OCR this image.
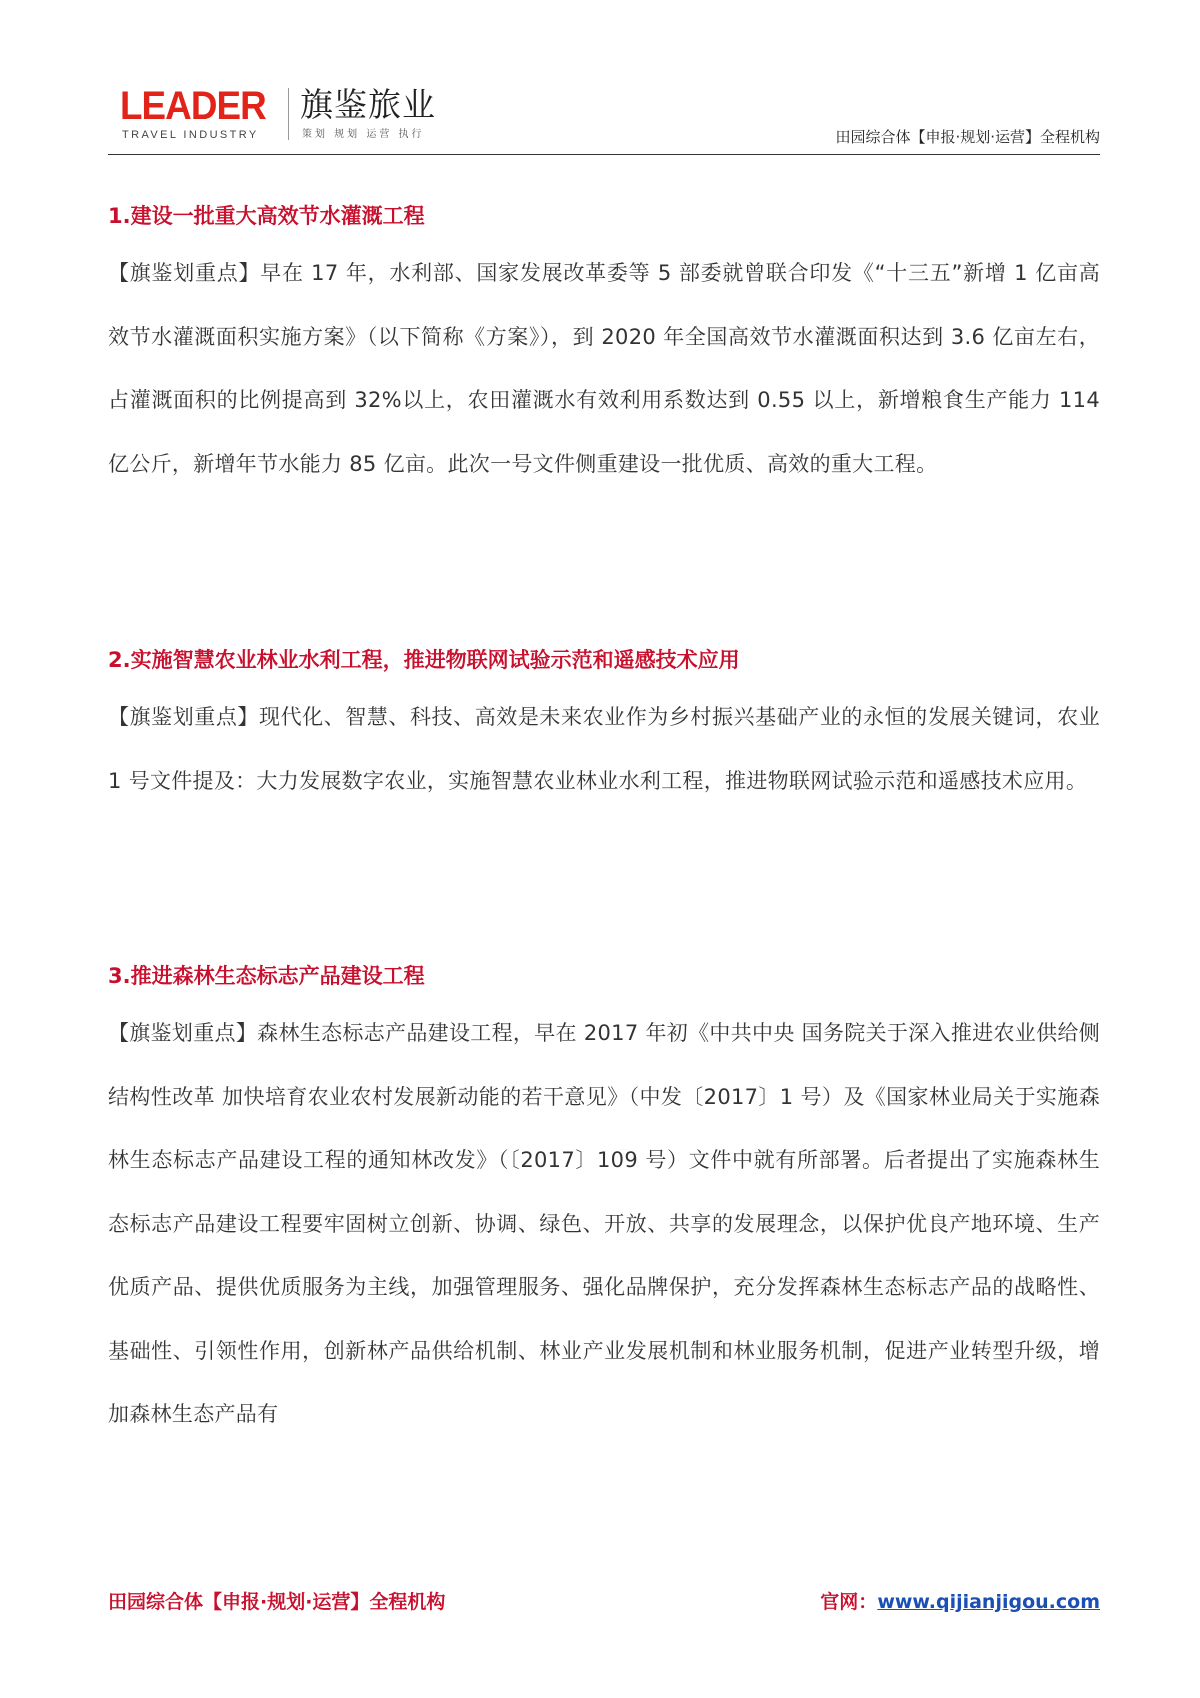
LEADER
TRAVEL INDUSTRY
旗鉴旅业
策划 规划 运营 执行	田园综合体【申报·规划·运营】全程机构
1.建设一批重大高效节水灌溉工程

【旗鉴划重点】早在 17 年，水利部、国家发展改革委等 5 部委就曾联合印发《“十三五”新增 1 亿亩高效节水灌溉面积实施方案》（以下简称《方案》），到 2020 年全国高效节水灌溉面积达到 3.6 亿亩左右，占灌溉面积的比例提高到 32%以上，农田灌溉水有效利用系数达到 0.55 以上，新增粮食生产能力 114 亿公斤，新增年节水能力 85 亿亩。此次一号文件侧重建设一批优质、高效的重大工程。

2.实施智慧农业林业水利工程，推进物联网试验示范和遥感技术应用

【旗鉴划重点】现代化、智慧、科技、高效是未来农业作为乡村振兴基础产业的永恒的发展关键词，农业 1 号文件提及：大力发展数字农业，实施智慧农业林业水利工程，推进物联网试验示范和遥感技术应用。

3.推进森林生态标志产品建设工程

【旗鉴划重点】森林生态标志产品建设工程，早在 2017 年初《中共中央 国务院关于深入推进农业供给侧结构性改革 加快培育农业农村发展新动能的若干意见》（中发〔2017〕1 号）及《国家林业局关于实施森林生态标志产品建设工程的通知林改发》（〔2017〕109 号）文件中就有所部署。后者提出了实施森林生态标志产品建设工程要牢固树立创新、协调、绿色、开放、共享的发展理念，以保护优良产地环境、生产优质产品、提供优质服务为主线，加强管理服务、强化品牌保护，充分发挥森林生态标志产品的战略性、基础性、引领性作用，创新林产品供给机制、林业产业发展机制和林业服务机制，促进产业转型升级，增加森林生态产品有

田园综合体【申报·规划·运营】全程机构	官网：www.qijianjigou.com
